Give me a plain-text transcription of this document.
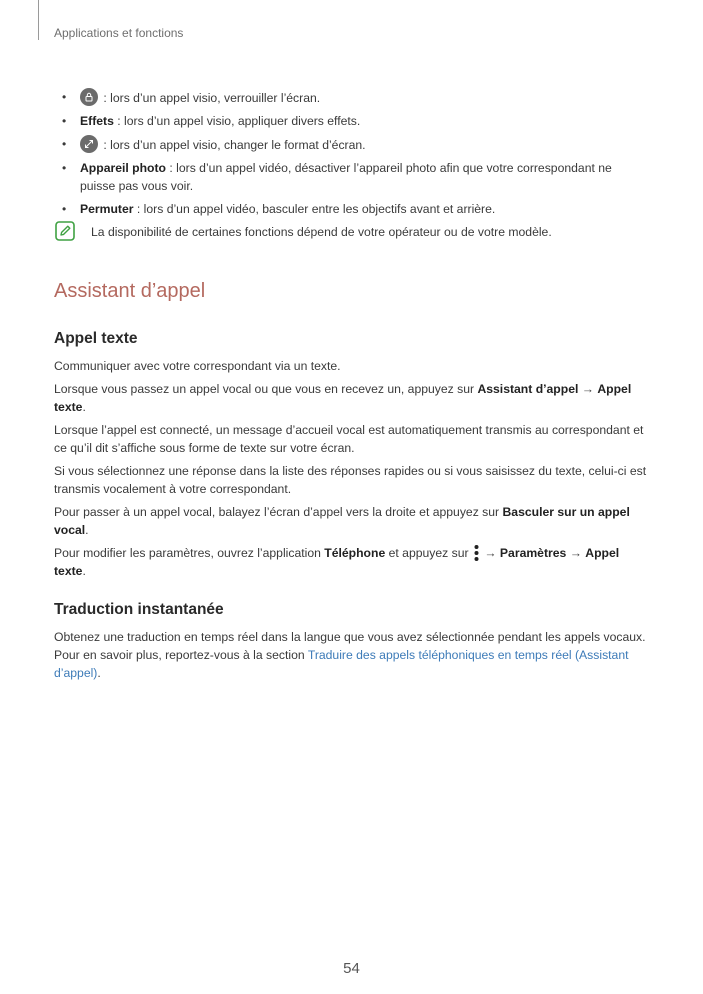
Applications et fonctions
•	: lors d’un appel visio, verrouiller l’écran.
• Effets : lors d’un appel visio, appliquer divers effets.
•	: lors d’un appel visio, changer le format d’écran.
• Appareil photo : lors d’un appel vidéo, désactiver l’appareil photo afin que votre correspondant ne puisse pas vous voir.
• Permuter : lors d’un appel vidéo, basculer entre les objectifs avant et arrière.
La disponibilité de certaines fonctions dépend de votre opérateur ou de votre modèle.
Assistant d’appel
Appel texte

Communiquer avec votre correspondant via un texte.

Lorsque vous passez un appel vocal ou que vous en recevez un, appuyez sur Assistant d’appel → Appel texte.

Lorsque l’appel est connecté, un message d’accueil vocal est automatiquement transmis au correspondant et ce qu’il dit s’affiche sous forme de texte sur votre écran.

Si vous sélectionnez une réponse dans la liste des réponses rapides ou si vous saisissez du texte, celui-ci est transmis vocalement à votre correspondant.

Pour passer à un appel vocal, balayez l’écran d’appel vers la droite et appuyez sur Basculer sur un appel vocal.

Pour modifier les paramètres, ouvrez l’application Téléphone et appuyez sur  → Paramètres → Appel texte.

Traduction instantanée

Obtenez une traduction en temps réel dans la langue que vous avez sélectionnée pendant les appels vocaux. Pour en savoir plus, reportez-vous à la section Traduire des appels téléphoniques en temps réel (Assistant d’appel).

54
